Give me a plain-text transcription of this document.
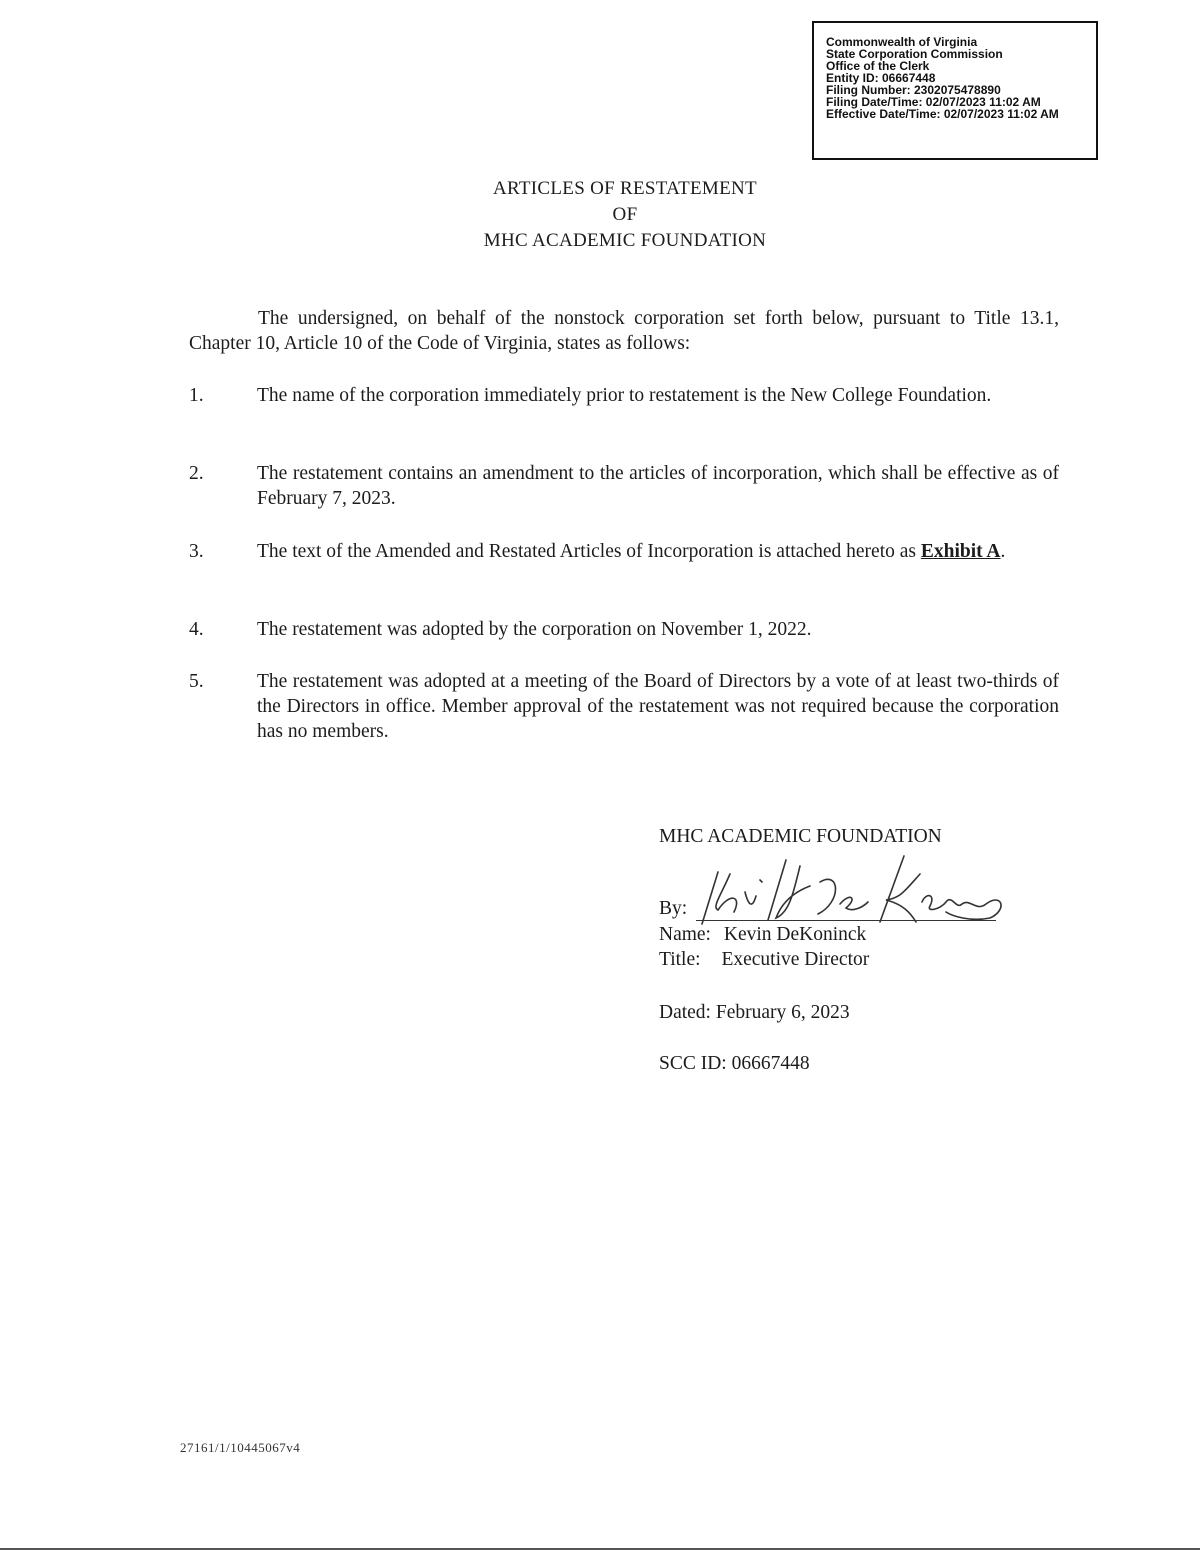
Commonwealth of Virginia
State Corporation Commission
Office of the Clerk
Entity ID: 06667448
Filing Number: 2302075478890
Filing Date/Time: 02/07/2023 11:02 AM
Effective Date/Time: 02/07/2023 11:02 AM
ARTICLES OF RESTATEMENT
OF
MHC ACADEMIC FOUNDATION

The undersigned, on behalf of the nonstock corporation set forth below, pursuant to Title 13.1, Chapter 10, Article 10 of the Code of Virginia, states as follows:

1.	The name of the corporation immediately prior to restatement is the New College Foundation.
2.	The restatement contains an amendment to the articles of incorporation, which shall be effective as of February 7, 2023.
3.	The text of the Amended and Restated Articles of Incorporation is attached hereto as Exhibit A.
4.	The restatement was adopted by the corporation on November 1, 2022.
5.	The restatement was adopted at a meeting of the Board of Directors by a vote of at least two-thirds of the Directors in office. Member approval of the restatement was not required because the corporation has no members.
MHC ACADEMIC FOUNDATION
By:
Name: Kevin DeKoninck
Title: Executive Director
Dated: February 6, 2023
SCC ID: 06667448
27161/1/10445067v4
